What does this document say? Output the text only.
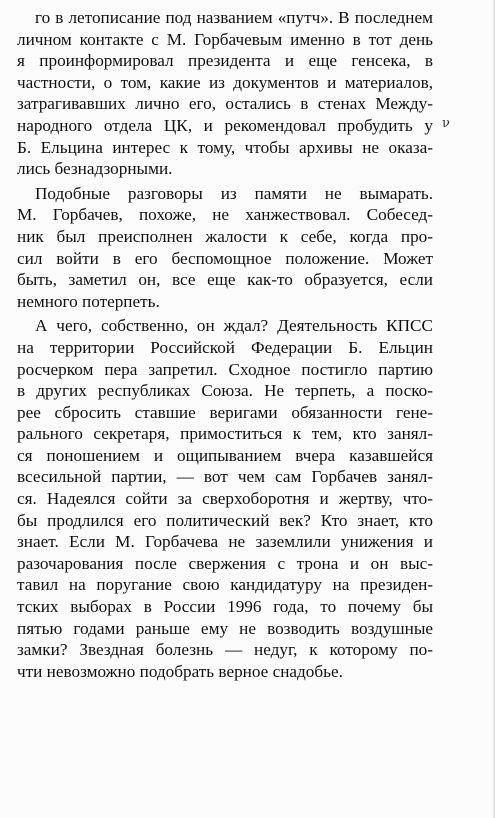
ν
го в летописание под названием «путч». В последнем
личном контакте с М. Горбачевым именно в тот день
я проинформировал президента и еще генсека, в
частности, о том, какие из документов и материалов,
затрагивавших лично его, остались в стенах Между-
народного отдела ЦК, и рекомендовал пробудить у
Б. Ельцина интерес к тому, чтобы архивы не оказа-
лись безнадзорными.
Подобные разговоры из памяти не вымарать.
М. Горбачев, похоже, не ханжествовал. Собесед-
ник был преисполнен жалости к себе, когда про-
сил войти в его беспомощное положение. Может
быть, заметил он, все еще как-то образуется, если
немного потерпеть.
А чего, собственно, он ждал? Деятельность КПСС
на территории Российской Федерации Б. Ельцин
росчерком пера запретил. Сходное постигло партию
в других республиках Союза. Не терпеть, а поско-
рее сбросить ставшие веригами обязанности гене-
рального секретаря, примоститься к тем, кто занял-
ся поношением и ощипыванием вчера казавшейся
всесильной партии, — вот чем сам Горбачев занял-
ся. Надеялся сойти за сверхоборотня и жертву, что-
бы продлился его политический век? Кто знает, кто
знает. Если М. Горбачева не заземлили унижения и
разочарования после свержения с трона и он выс-
тавил на поругание свою кандидатуру на президен-
тских выборах в России 1996 года, то почему бы
пятью годами раньше ему не возводить воздушные
замки? Звездная болезнь — недуг, к которому по-
чти невозможно подобрать верное снадобье.
